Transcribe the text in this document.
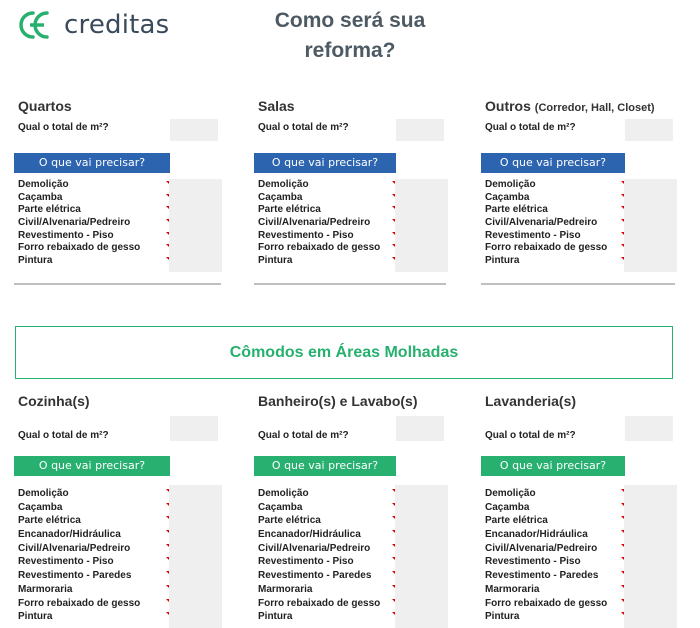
creditas	Como será sua
reforma?
Quartos
Qual o total de m²?
O que vai precisar?
Demolição
Caçamba
Parte elétrica
Civil/Alvenaria/Pedreiro
Revestimento - Piso
Forro rebaixado de gesso
Pintura
Salas
Qual o total de m²?
O que vai precisar?
Demolição
Caçamba
Parte elétrica
Civil/Alvenaria/Pedreiro
Revestimento - Piso
Forro rebaixado de gesso
Pintura
Outros (Corredor, Hall, Closet)
Qual o total de m²?
O que vai precisar?
Demolição
Caçamba
Parte elétrica
Civil/Alvenaria/Pedreiro
Revestimento - Piso
Forro rebaixado de gesso
Pintura
Cômodos em Áreas Molhadas
Cozinha(s)
Qual o total de m²?
O que vai precisar?
Demolição
Caçamba
Parte elétrica
Encanador/Hidráulica
Civil/Alvenaria/Pedreiro
Revestimento - Piso
Revestimento - Paredes
Marmoraria
Forro rebaixado de gesso
Pintura
Banheiro(s) e Lavabo(s)
Qual o total de m²?
O que vai precisar?
Demolição
Caçamba
Parte elétrica
Encanador/Hidráulica
Civil/Alvenaria/Pedreiro
Revestimento - Piso
Revestimento - Paredes
Marmoraria
Forro rebaixado de gesso
Pintura
Lavanderia(s)
Qual o total de m²?
O que vai precisar?
Demolição
Caçamba
Parte elétrica
Encanador/Hidráulica
Civil/Alvenaria/Pedreiro
Revestimento - Piso
Revestimento - Paredes
Marmoraria
Forro rebaixado de gesso
Pintura
